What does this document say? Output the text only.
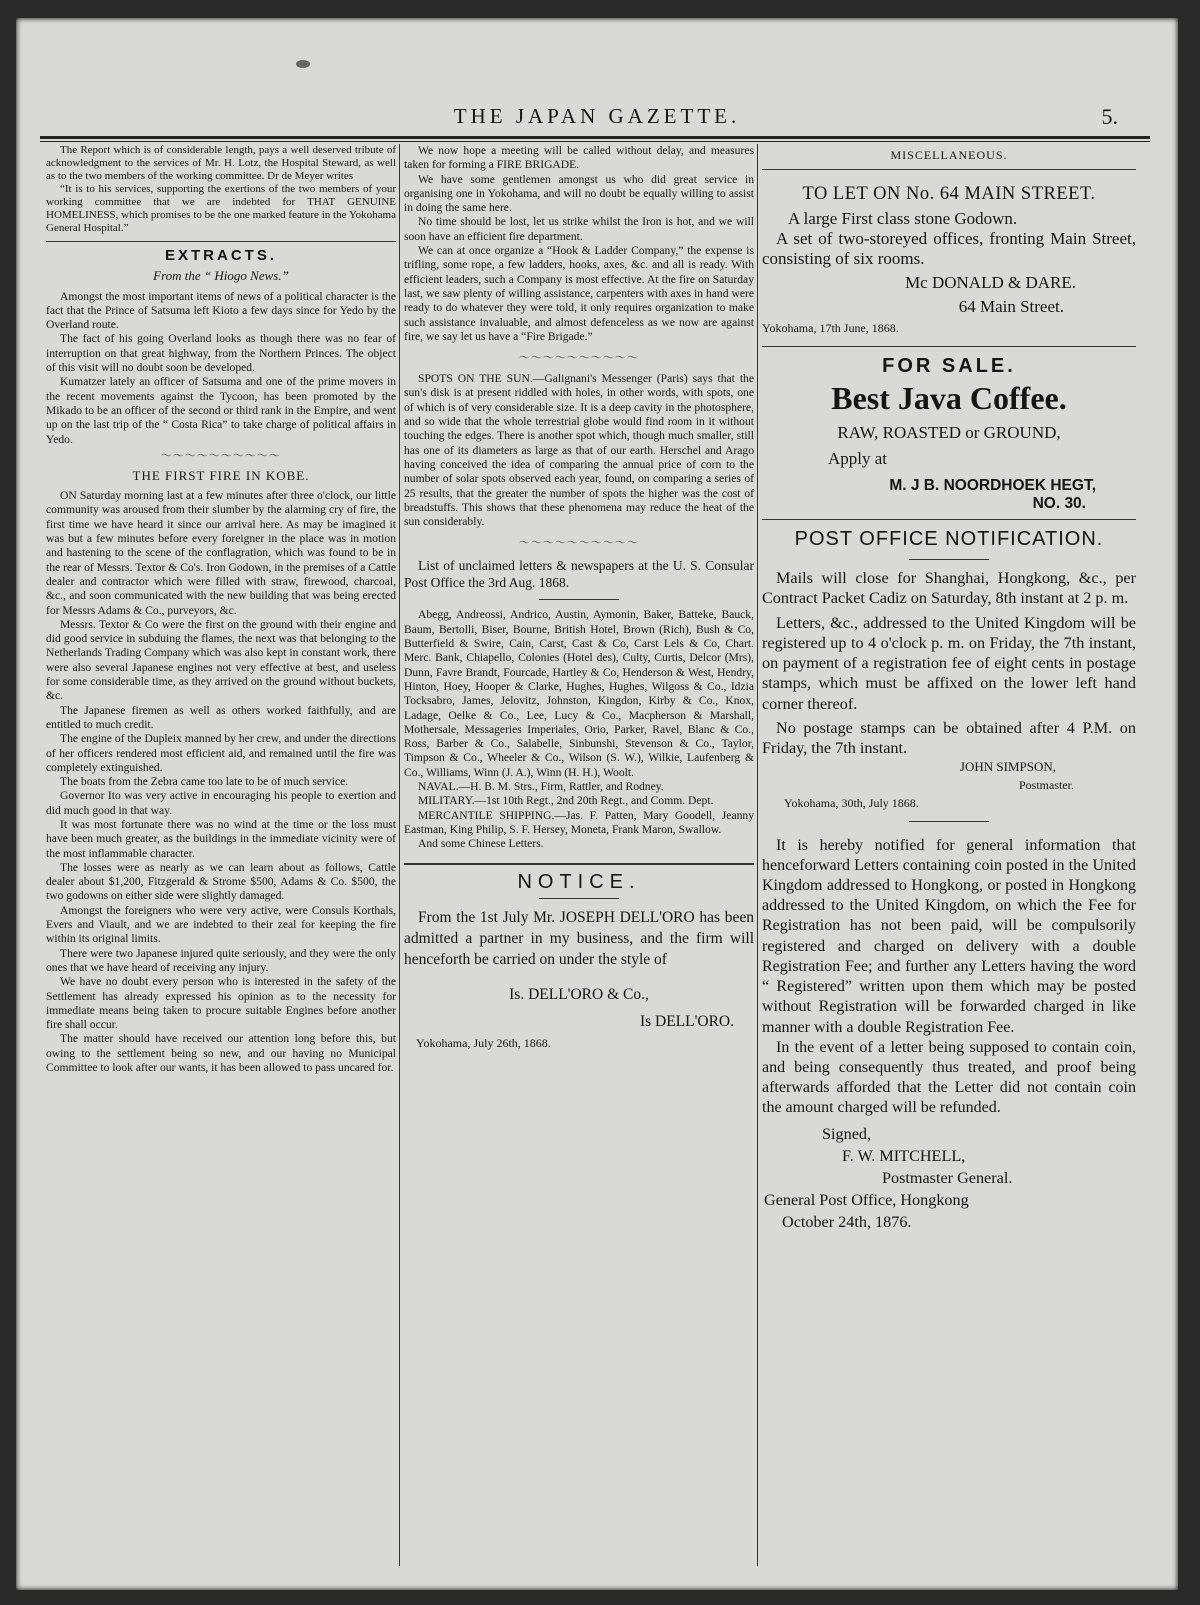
THE JAPAN GAZETTE.	5.

The Report which is of considerable length, pays a well deserved tribute of acknowledgment to the services of Mr. H. Lotz, the Hospital Steward, as well as to the two members of the working committee. Dr de Meyer writes

“It is to his services, supporting the exertions of the two members of your working committee that we are indebted for THAT GENUINE HOMELINESS, which promises to be the one marked feature in the Yokohama General Hospital.”

EXTRACTS.
From the “ Hiogo News.”

Amongst the most important items of news of a political character is the fact that the Prince of Satsuma left Kioto a few days since for Yedo by the Overland route.

The fact of his going Overland looks as though there was no fear of interruption on that great highway, from the Northern Princes. The object of this visit will no doubt soon be developed.

Kumatzer lately an officer of Satsuma and one of the prime movers in the recent movements against the Tycoon, has been promoted by the Mikado to be an officer of the second or third rank in the Empire, and went up on the last trip of the “ Costa Rica” to take charge of political affairs in Yedo.

〜〜〜〜〜〜〜〜〜〜
THE FIRST FIRE IN KOBE.

ON Saturday morning last at a few minutes after three o'clock, our little community was aroused from their slumber by the alarming cry of fire, the first time we have heard it since our arrival here. As may be imagined it was but a few minutes before every foreigner in the place was in motion and hastening to the scene of the conflagration, which was found to be in the rear of Messrs. Textor & Co's. Iron Godown, in the premises of a Cattle dealer and contractor which were filled with straw, firewood, charcoal, &c., and soon communicated with the new building that was being erected for Messrs Adams & Co., purveyors, &c.

Messrs. Textor & Co were the first on the ground with their engine and did good service in subduing the flames, the next was that belonging to the Netherlands Trading Company which was also kept in constant work, there were also several Japanese engines not very effective at best, and useless for some considerable time, as they arrived on the ground without buckets, &c.

The Japanese firemen as well as others worked faithfully, and are entitled to much credit.

The engine of the Dupleix manned by her crew, and under the directions of her officers rendered most efficient aid, and remained until the fire was completely extinguished.

The boats from the Zebra came too late to be of much service.

Governor Ito was very active in encouraging his people to exertion and did much good in that way.

It was most fortunate there was no wind at the time or the loss must have been much greater, as the buildings in the immediate vicinity were of the most inflammable character.

The losses were as nearly as we can learn about as follows, Cattle dealer about $1,200, Fitzgerald & Strome $500, Adams & Co. $500, the two godowns on either side were slightly damaged.

Amongst the foreigners who were very active, were Consuls Korthals, Evers and Viault, and we are indebted to their zeal for keeping the fire within its original limits.

There were two Japanese injured quite seriously, and they were the only ones that we have heard of receiving any injury.

We have no doubt every person who is interested in the safety of the Settlement has already expressed his opinion as to the necessity for immediate means being taken to procure suitable Engines before another fire shall occur.

The matter should have received our attention long before this, but owing to the settlement being so new, and our having no Municipal Committee to look after our wants, it has been allowed to pass uncared for.

We now hope a meeting will be called without delay, and measures taken for forming a FIRE BRIGADE.

We have some gentlemen amongst us who did great service in organising one in Yokohama, and will no doubt be equally willing to assist in doing the same here.

No time should be lost, let us strike whilst the Iron is hot, and we will soon have an efficient fire department.

We can at once organize a “Hook & Ladder Company,” the expense is trifling, some rope, a few ladders, hooks, axes, &c. and all is ready. With efficient leaders, such a Company is most effective. At the fire on Saturday last, we saw plenty of willing assistance, carpenters with axes in hand were ready to do whatever they were told, it only requires organization to make such assistance invaluable, and almost defenceless as we now are against fire, we say let us have a “Fire Brigade.”

〜〜〜〜〜〜〜〜〜〜

SPOTS ON THE SUN.—Galignani's Messenger (Paris) says that the sun's disk is at present riddled with holes, in other words, with spots, one of which is of very considerable size. It is a deep cavity in the photosphere, and so wide that the whole terrestrial globe would find room in it without touching the edges. There is another spot which, though much smaller, still has one of its diameters as large as that of our earth. Herschel and Arago having conceived the idea of comparing the annual price of corn to the number of solar spots observed each year, found, on comparing a series of 25 results, that the greater the number of spots the higher was the cost of breadstuffs. This shows that these phenomena may reduce the heat of the sun considerably.

〜〜〜〜〜〜〜〜〜〜

List of unclaimed letters & newspapers at the U. S. Consular Post Office the 3rd Aug. 1868.

Abegg, Andreossi, Andrico, Austin, Aymonin, Baker, Batteke, Bauck, Baum, Bertolli, Biser, Bourne, British Hotel, Brown (Rich), Bush & Co, Butterfield & Swire, Cain, Carst, Cast & Co, Carst Lels & Co, Chart. Merc. Bank, Chiapello, Colonies (Hotel des), Culty, Curtis, Delcor (Mrs), Dunn, Favre Brandt, Fourcade, Hartley & Co, Henderson & West, Hendry, Hinton, Hoey, Hooper & Clarke, Hughes, Hughes, Wilgoss & Co., Idzia Tocksabro, James, Jelovitz, Johnston, Kingdon, Kirby & Co., Knox, Ladage, Oelke & Co., Lee, Lucy & Co., Macpherson & Marshall, Mothersale, Messageries Imperiales, Orio, Parker, Ravel, Blanc & Co., Ross, Barber & Co., Salabelle, Sinbunshi, Stevenson & Co., Taylor, Timpson & Co., Wheeler & Co., Wilson (S. W.), Wilkie, Laufenberg & Co., Williams, Winn (J. A.), Winn (H. H.), Woolt.

NAVAL.—H. B. M. Strs., Firm, Rattler, and Rodney.

MILITARY.—1st 10th Regt., 2nd 20th Regt., and Comm. Dept.

MERCANTILE SHIPPING.—Jas. F. Patten, Mary Goodell, Jeanny Eastman, King Philip, S. F. Hersey, Moneta, Frank Maron, Swallow.

And some Chinese Letters.

NOTICE.

From the 1st July Mr. JOSEPH DELL'ORO has been admitted a partner in my business, and the firm will henceforth be carried on under the style of

Is. DELL'ORO & Co.,

Is DELL'ORO.

Yokohama, July 26th, 1868.

MISCELLANEOUS.
TO LET ON No. 64 MAIN STREET.

A large First class stone Godown.

A set of two-storeyed offices, fronting Main Street, consisting of six rooms.

Mc DONALD & DARE.

64 Main Street.

Yokohama, 17th June, 1868.

FOR SALE.
Best Java Coffee.

RAW, ROASTED or GROUND,

Apply at

M. J B. NOORDHOEK HEGT,

NO. 30.

POST OFFICE NOTIFICATION.

Mails will close for Shanghai, Hongkong, &c., per Contract Packet Cadiz on Saturday, 8th instant at 2 p. m.

Letters, &c., addressed to the United Kingdom will be registered up to 4 o'clock p. m. on Friday, the 7th instant, on payment of a registration fee of eight cents in postage stamps, which must be affixed on the lower left hand corner thereof.

No postage stamps can be obtained after 4 P.M. on Friday, the 7th instant.

JOHN SIMPSON,

Postmaster.

Yokohama, 30th, July 1868.

It is hereby notified for general information that henceforward Letters containing coin posted in the United Kingdom addressed to Hongkong, or posted in Hongkong addressed to the United Kingdom, on which the Fee for Registration has not been paid, will be compulsorily registered and charged on delivery with a double Registration Fee; and further any Letters having the word “ Registered” written upon them which may be posted without Registration will be forwarded charged in like manner with a double Registration Fee.

In the event of a letter being supposed to contain coin, and being consequently thus treated, and proof being afterwards afforded that the Letter did not contain coin the amount charged will be refunded.

Signed,

F. W. MITCHELL,

Postmaster General.

General Post Office, Hongkong

October 24th, 1876.
